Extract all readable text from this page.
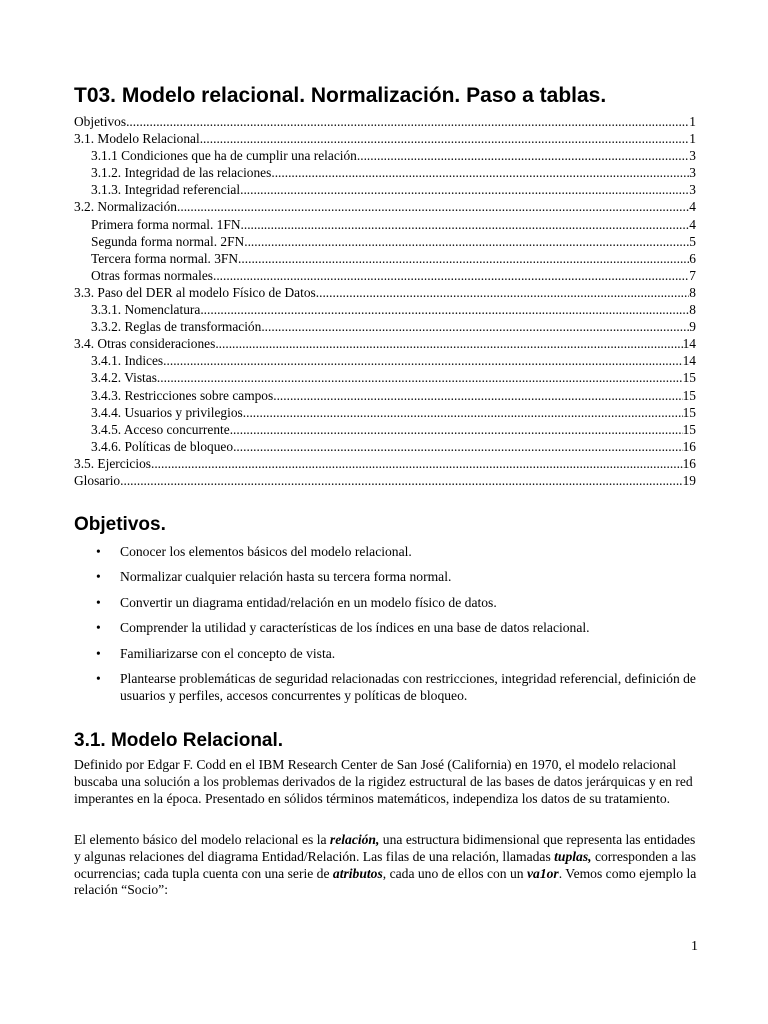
T03. Modelo relacional. Normalización. Paso a tablas.
Objetivos .....	1
3.1. Modelo Relacional .....	1
3.1.1 Condiciones que ha de cumplir una relación .....	3
3.1.2. Integridad de las relaciones .....	3
3.1.3. Integridad referencial .....	3
3.2. Normalización .....	4
Primera forma normal. 1FN .....	4
Segunda forma normal. 2FN .....	5
Tercera forma normal. 3FN .....	6
Otras formas normales .....	7
3.3. Paso del DER al modelo Físico de Datos .....	8
3.3.1. Nomenclatura .....	8
3.3.2. Reglas de transformación .....	9
3.4. Otras consideraciones .....	14
3.4.1. Indices .....	14
3.4.2. Vistas .....	15
3.4.3. Restricciones sobre campos .....	15
3.4.4. Usuarios y privilegios .....	15
3.4.5. Acceso concurrente .....	15
3.4.6. Políticas de bloqueo .....	16
3.5. Ejercicios .....	16
Glosario .....	19
Objetivos.
• Conocer los elementos básicos del modelo relacional.
• Normalizar cualquier relación hasta su tercera forma normal.
• Convertir un diagrama entidad/relación en un modelo físico de datos.
• Comprender la utilidad y características de los índices en una base de datos relacional.
• Familiarizarse con el concepto de vista.
• Plantearse problemáticas de seguridad relacionadas con restricciones, integridad referencial, definición de usuarios y perfiles, accesos concurrentes y políticas de bloqueo.
3.1. Modelo Relacional.

Definido por Edgar F. Codd en el IBM Research Center de San José (California) en 1970, el modelo relacional buscaba una solución a los problemas derivados de la rigidez estructural de las bases de datos jerárquicas y en red imperantes en la época. Presentado en sólidos términos matemáticos, independiza los datos de su tratamiento.

El elemento básico del modelo relacional es la relación, una estructura bidimensional que representa las entidades y algunas relaciones del diagrama Entidad/Relación. Las filas de una relación, llamadas tuplas, corresponden a las ocurrencias; cada tupla cuenta con una serie de atributos, cada uno de ellos con un va1or. Vemos como ejemplo la relación “Socio”:

1
